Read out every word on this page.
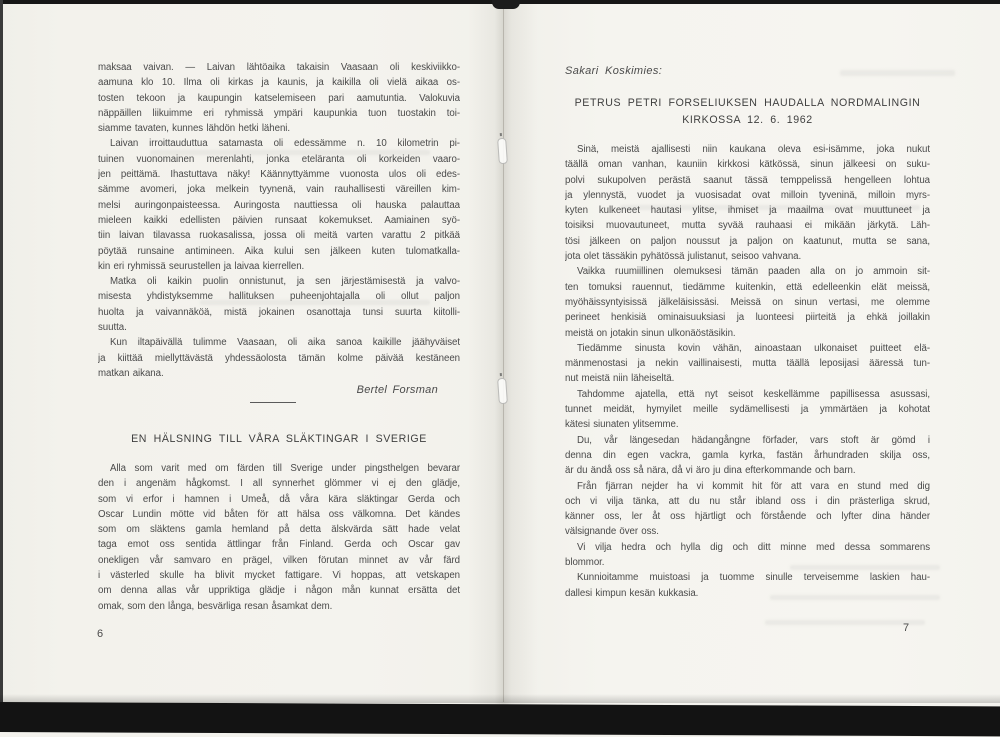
maksaa vaivan. — Laivan lähtöaika takaisin Vaasaan oli keskiviikko-
aamuna klo 10. Ilma oli kirkas ja kaunis, ja kaikilla oli vielä aikaa os-
tosten tekoon ja kaupungin katselemiseen pari aamutuntia. Valokuvia
näppäillen liikuimme eri ryhmissä ympäri kaupunkia tuon tuostakin toi-
siamme tavaten, kunnes lähdön hetki läheni.
Laivan irroittauduttua satamasta oli edessämme n. 10 kilometrin pi-
tuinen vuonomainen merenlahti, jonka eteläranta oli korkeiden vaaro-
jen peittämä. Ihastuttava näky! Käännyttyämme vuonosta ulos oli edes-
sämme avomeri, joka melkein tyynenä, vain rauhallisesti väreillen kim-
melsi auringonpaisteessa. Auringosta nauttiessa oli hauska palauttaa
mieleen kaikki edellisten päivien runsaat kokemukset. Aamiainen syö-
tiin laivan tilavassa ruokasalissa, jossa oli meitä varten varattu 2 pitkää
pöytää runsaine antimineen. Aika kului sen jälkeen kuten tulomatkalla-
kin eri ryhmissä seurustellen ja laivaa kierrellen.
Matka oli kaikin puolin onnistunut, ja sen järjestämisestä ja valvo-
misesta yhdistyksemme hallituksen puheenjohtajalla oli ollut paljon
huolta ja vaivannäköä, mistä jokainen osanottaja tunsi suurta kiitolli-
suutta.
Kun iltapäivällä tulimme Vaasaan, oli aika sanoa kaikille jäähyväiset
ja kiittää miellyttävästä yhdessäolosta tämän kolme päivää kestäneen
matkan aikana.
Bertel Forsman
EN HÄLSNING TILL VÅRA SLÄKTINGAR I SVERIGE
Alla som varit med om färden till Sverige under pingsthelgen bevarar
den i angenäm hågkomst. I all synnerhet glömmer vi ej den glädje,
som vi erfor i hamnen i Umeå, då våra kära släktingar Gerda och
Oscar Lundin mötte vid båten för att hälsa oss välkomna. Det kändes
som om släktens gamla hemland på detta älskvärda sätt hade velat
taga emot oss sentida ättlingar från Finland. Gerda och Oscar gav
onekligen vår samvaro en prägel, vilken förutan minnet av vår färd
i västerled skulle ha blivit mycket fattigare. Vi hoppas, att vetskapen
om denna allas vår uppriktiga glädje i någon mån kunnat ersätta det
omak, som den långa, besvärliga resan åsamkat dem.
6
Sakari Koskimies:
PETRUS PETRI FORSELIUKSEN HAUDALLA NORDMALINGIN
KIRKOSSA 12. 6. 1962
Sinä, meistä ajallisesti niin kaukana oleva esi-isämme, joka nukut
täällä oman vanhan, kauniin kirkkosi kätkössä, sinun jälkeesi on suku-
polvi sukupolven perästä saanut tässä temppelissä hengelleen lohtua
ja ylennystä, vuodet ja vuosisadat ovat milloin tyveninä, milloin myrs-
kyten kulkeneet hautasi ylitse, ihmiset ja maailma ovat muuttuneet ja
toisiksi muovautuneet, mutta syvää rauhaasi ei mikään järkytä. Läh-
tösi jälkeen on paljon noussut ja paljon on kaatunut, mutta se sana,
jota olet tässäkin pyhätössä julistanut, seisoo vahvana.
Vaikka ruumiillinen olemuksesi tämän paaden alla on jo ammoin sit-
ten tomuksi rauennut, tiedämme kuitenkin, että edelleenkin elät meissä,
myöhäissyntyisissä jälkeläisissäsi. Meissä on sinun vertasi, me olemme
perineet henkisiä ominaisuuksiasi ja luonteesi piirteitä ja ehkä joillakin
meistä on jotakin sinun ulkonäöstäsikin.
Tiedämme sinusta kovin vähän, ainoastaan ulkonaiset puitteet elä-
mänmenostasi ja nekin vaillinaisesti, mutta täällä leposijasi ääressä tun-
nut meistä niin läheiseltä.
Tahdomme ajatella, että nyt seisot keskellämme papillisessa asussasi,
tunnet meidät, hymyilet meille sydämellisesti ja ymmärtäen ja kohotat
kätesi siunaten ylitsemme.
Du, vår längesedan hädangångne förfader, vars stoft är gömd i
denna din egen vackra, gamla kyrka, fastän århundraden skilja oss,
är du ändå oss så nära, då vi äro ju dina efterkommande och barn.
Från fjärran nejder ha vi kommit hit för att vara en stund med dig
och vi vilja tänka, att du nu står ibland oss i din prästerliga skrud,
känner oss, ler åt oss hjärtligt och förstående och lyfter dina händer
välsignande över oss.
Vi vilja hedra och hylla dig och ditt minne med dessa sommarens
blommor.
Kunnioitamme muistoasi ja tuomme sinulle terveisemme laskien hau-
dallesi kimpun kesän kukkasia.
7
